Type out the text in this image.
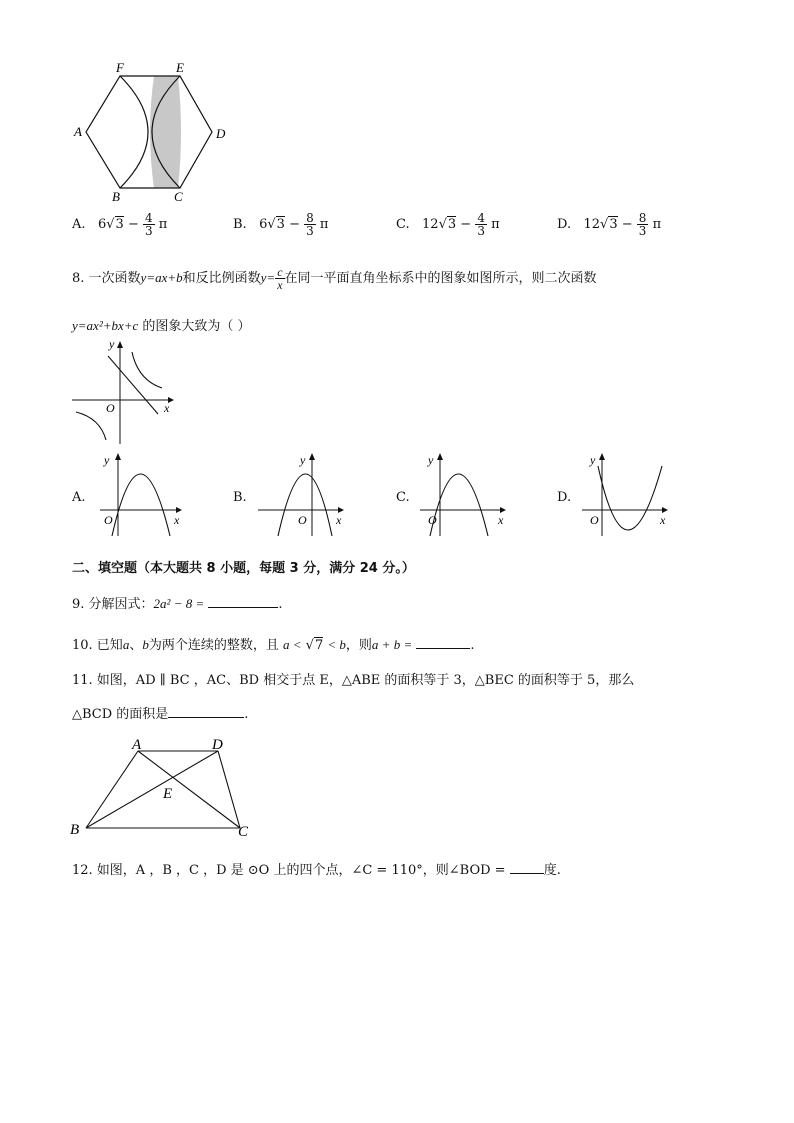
F	E
A	D
B	C
A. $6√3 - \frac{4}{3}$ π	B. $6√3 - \frac{8}{3}$ π	C. $12√3 - \frac{4}{3}$ π	D. $12√3 - \frac{8}{3}$ π
8. 一次函数y=ax+b和反比例函数$y= \frac{c}{x}$ 在同一平面直角坐标系中的图象如图所示，则二次函数
y=ax²+bx+c 的图象大致为（ ）
y
x
O
A.
y
x
O
B.
y
x
O
C.
y
x
O
D.
y
x
O
二、填空题（本大题共 8 小题，每题 3 分，满分 24 分。）
9. 分解因式：2a² − 8 =	.
10. 已知a、b为两个连续的整数，且 a < √7 < b，则a + b =	.
11. 如图，AD ∥ BC ，AC、BD 相交于点 E，△ABE 的面积等于 3，△BEC 的面积等于 5，那么
△BCD 的面积是	.
A	D
E
B	C
12. 如图，A ，B ，C ，D 是 ⊙O 上的四个点，∠C = 110°，则∠BOD =	度.
